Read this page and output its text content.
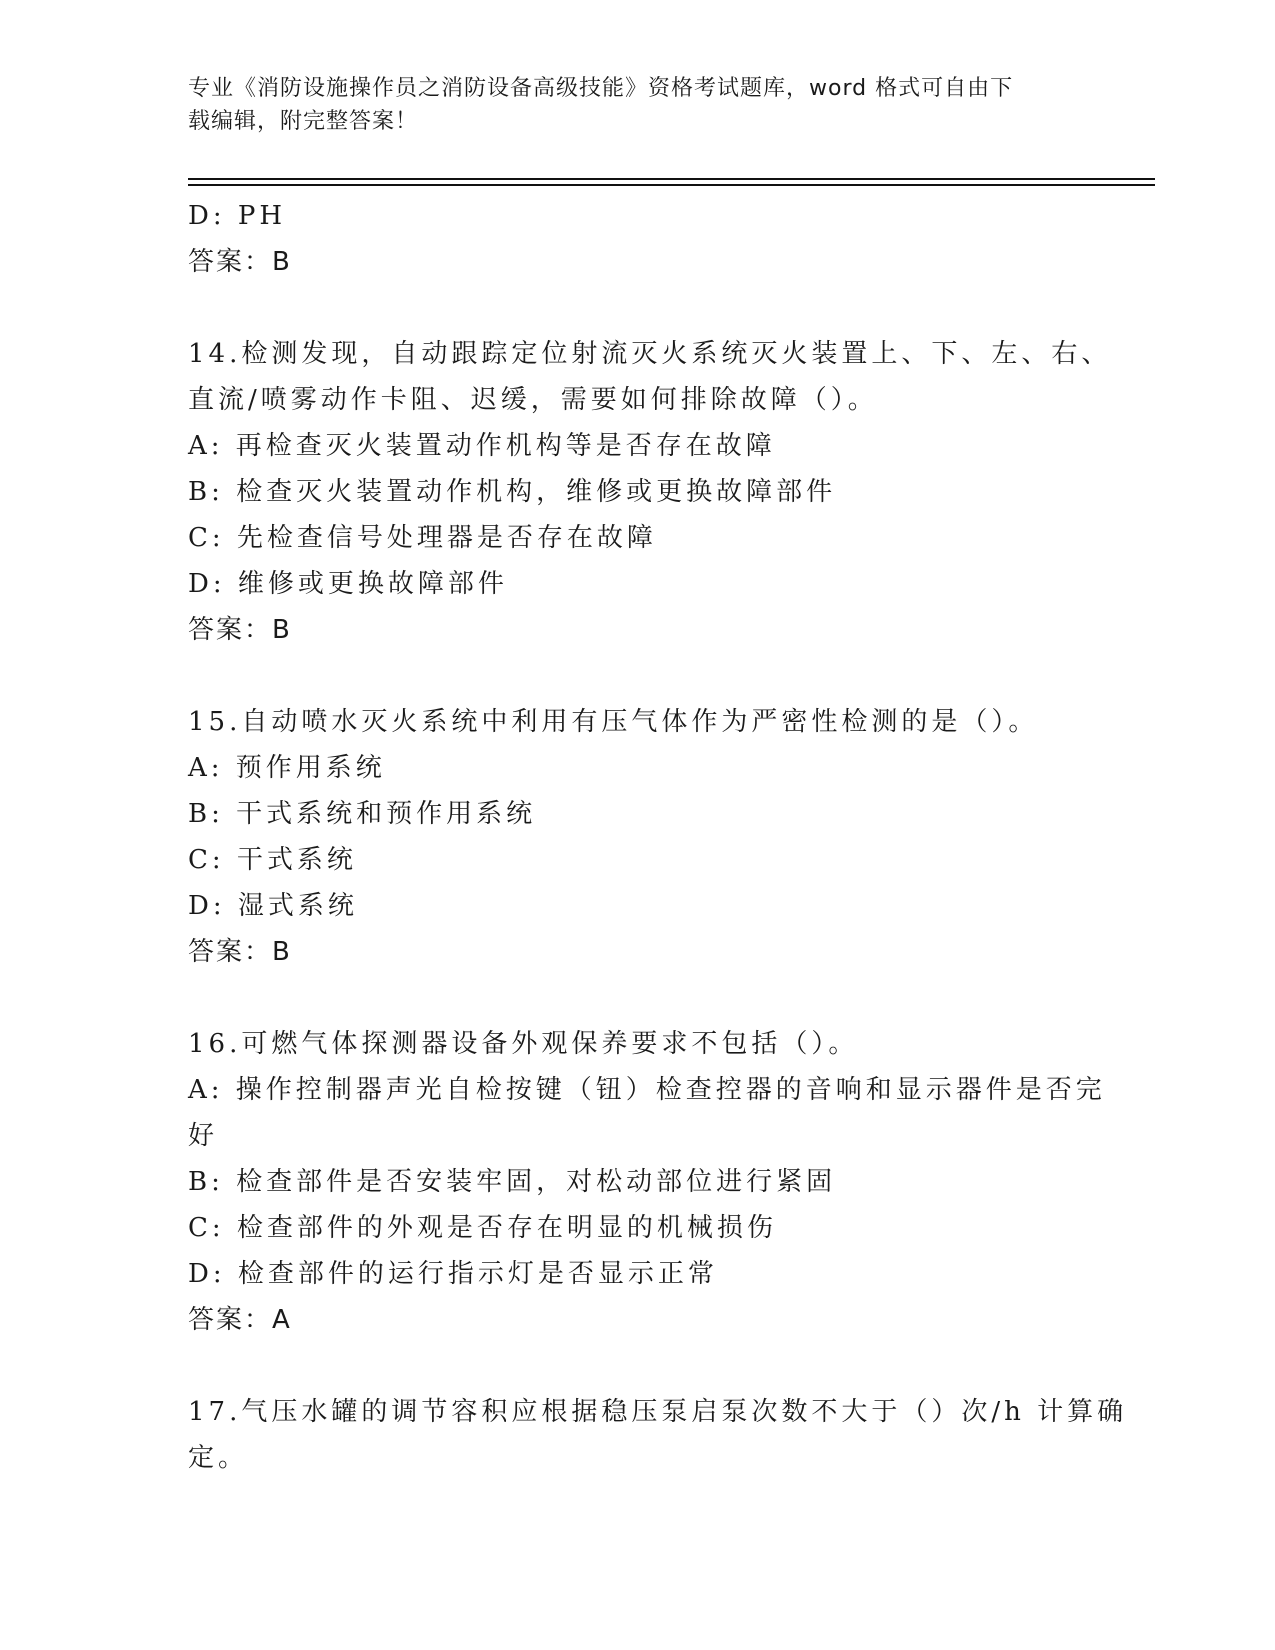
专业《消防设施操作员之消防设备高级技能》资格考试题库，word 格式可自由下
载编辑，附完整答案！
D: PH
答案：B
14.检测发现，自动跟踪定位射流灭火系统灭火装置上、下、左、右、
直流/喷雾动作卡阻、迟缓，需要如何排除故障（）。
A: 再检查灭火装置动作机构等是否存在故障
B: 检查灭火装置动作机构，维修或更换故障部件
C: 先检查信号处理器是否存在故障
D: 维修或更换故障部件
答案：B
15.自动喷水灭火系统中利用有压气体作为严密性检测的是（）。
A: 预作用系统
B: 干式系统和预作用系统
C: 干式系统
D: 湿式系统
答案：B
16.可燃气体探测器设备外观保养要求不包括（）。
A: 操作控制器声光自检按键（钮）检查控器的音响和显示器件是否完
好
B: 检查部件是否安装牢固，对松动部位进行紧固
C: 检查部件的外观是否存在明显的机械损伤
D: 检查部件的运行指示灯是否显示正常
答案：A
17.气压水罐的调节容积应根据稳压泵启泵次数不大于（）次/h 计算确
定。
